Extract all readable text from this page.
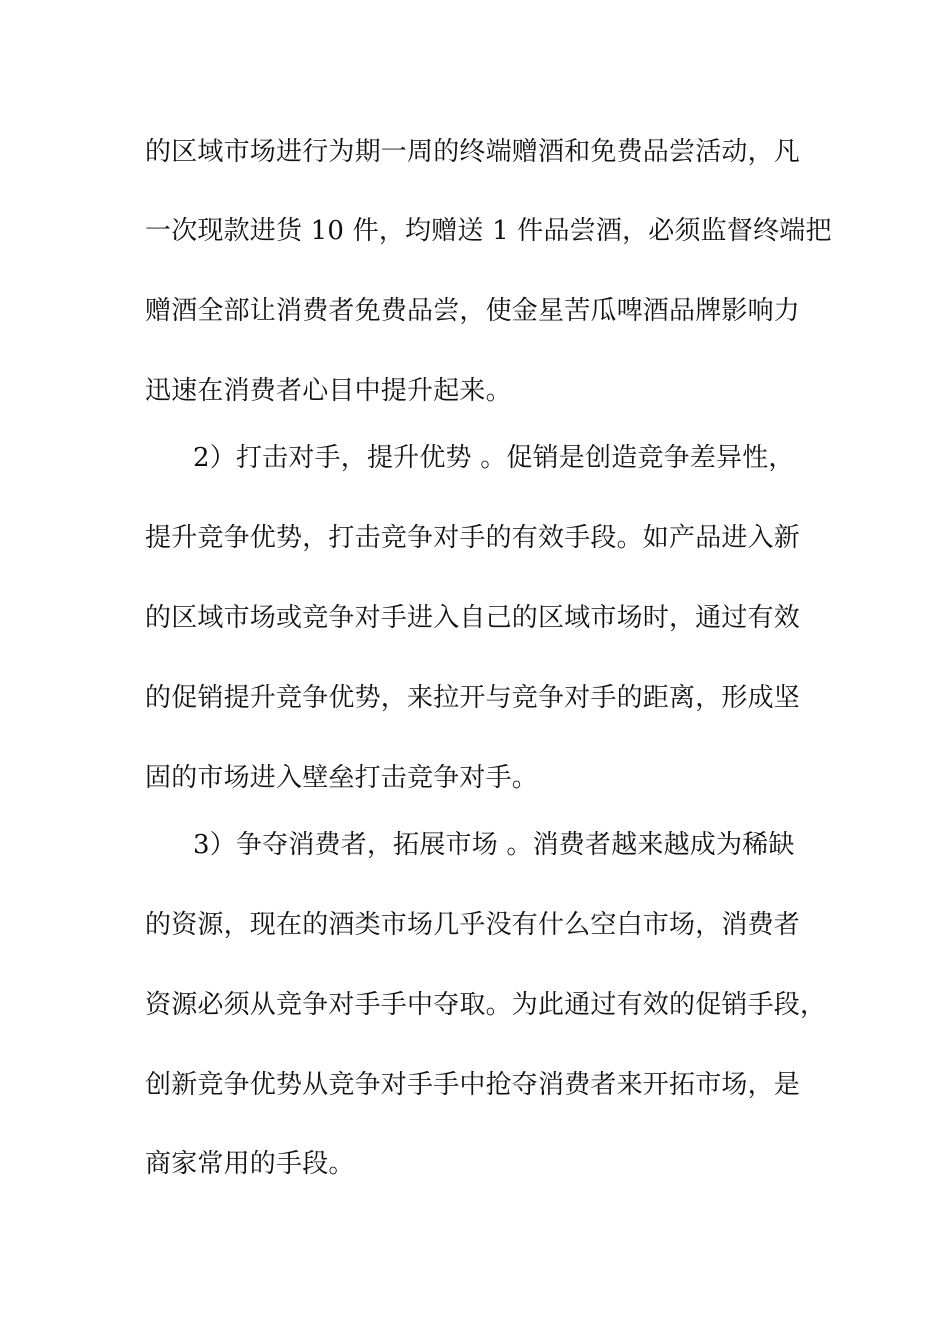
的区域市场进行为期一周的终端赠酒和免费品尝活动，凡
一次现款进货 10 件，均赠送 1 件品尝酒，必须监督终端把
赠酒全部让消费者免费品尝，使金星苦瓜啤酒品牌影响力
迅速在消费者心目中提升起来。
2）打击对手，提升优势 。促销是创造竞争差异性，
提升竞争优势，打击竞争对手的有效手段。如产品进入新
的区域市场或竞争对手进入自己的区域市场时，通过有效
的促销提升竞争优势，来拉开与竞争对手的距离，形成坚
固的市场进入壁垒打击竞争对手。
3）争夺消费者，拓展市场 。消费者越来越成为稀缺
的资源，现在的酒类市场几乎没有什么空白市场，消费者
资源必须从竞争对手手中夺取。为此通过有效的促销手段，
创新竞争优势从竞争对手手中抢夺消费者来开拓市场，是
商家常用的手段。
